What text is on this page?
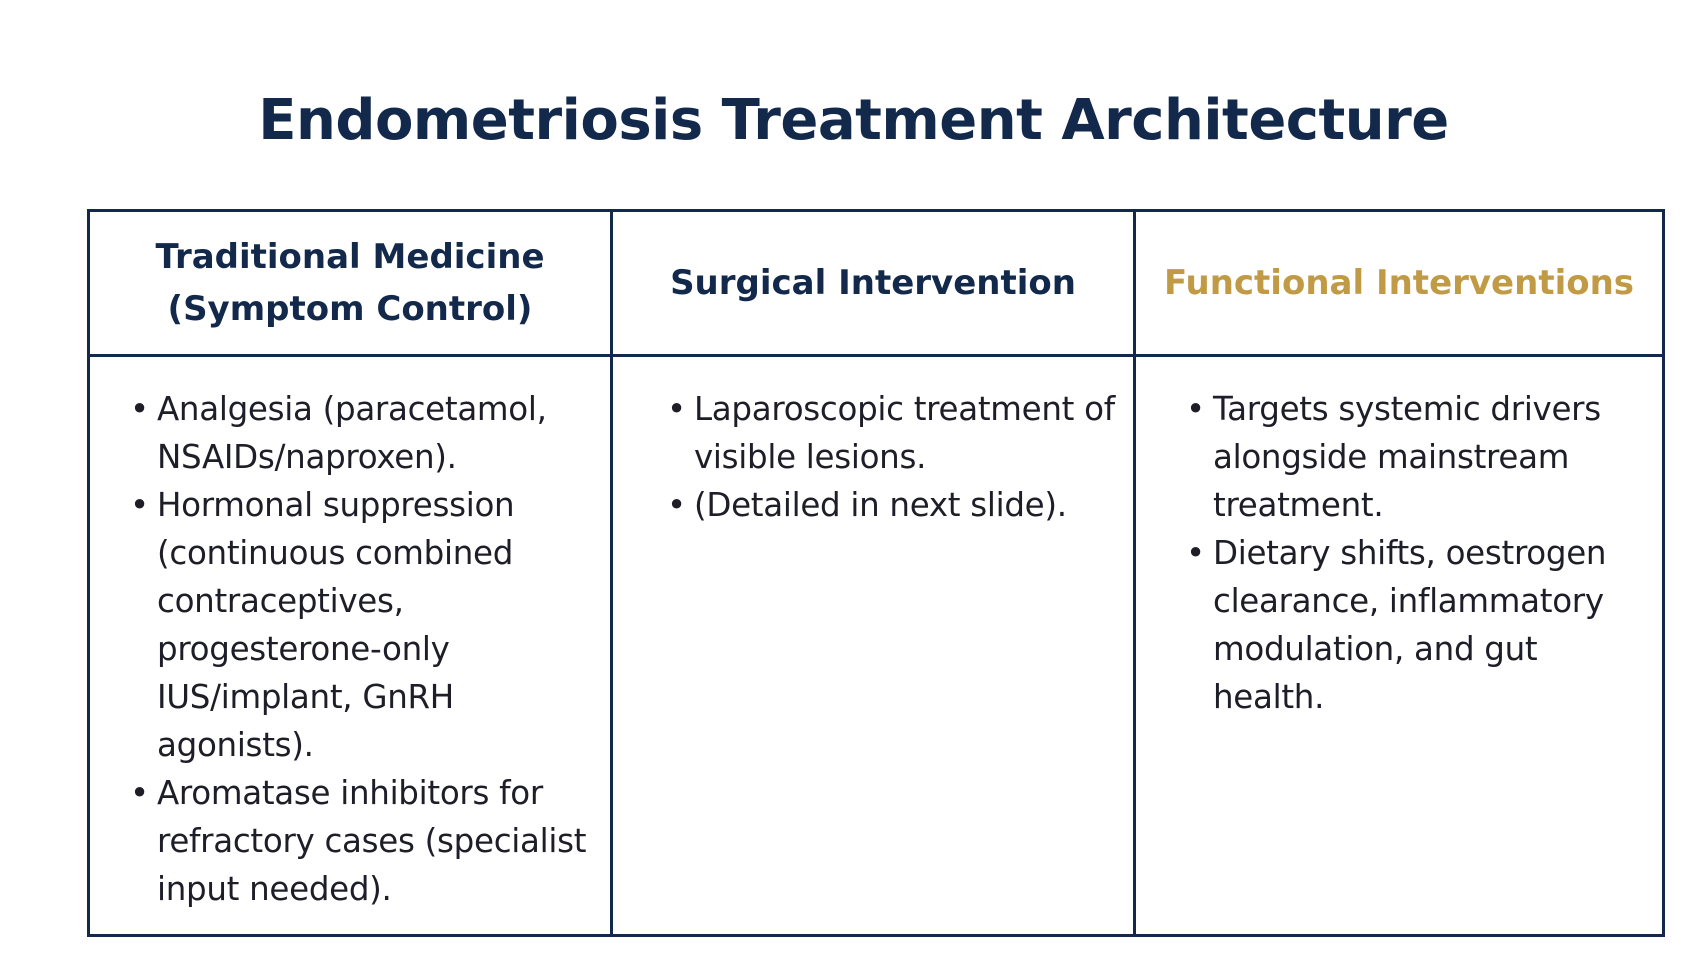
Endometriosis Treatment Architecture
Traditional Medicine
(Symptom Control)
Surgical Intervention	Functional Interventions
• Analgesia (paracetamol, NSAIDs/naproxen).
• Hormonal suppression (continuous combined contraceptives, progesterone-only IUS/implant, GnRH agonists).
• Aromatase inhibitors for refractory cases (specialist input needed).
• Laparoscopic treatment of visible lesions.
• (Detailed in next slide).
• Targets systemic drivers alongside mainstream treatment.
• Dietary shifts, oestrogen clearance, inflammatory modulation, and gut health.
